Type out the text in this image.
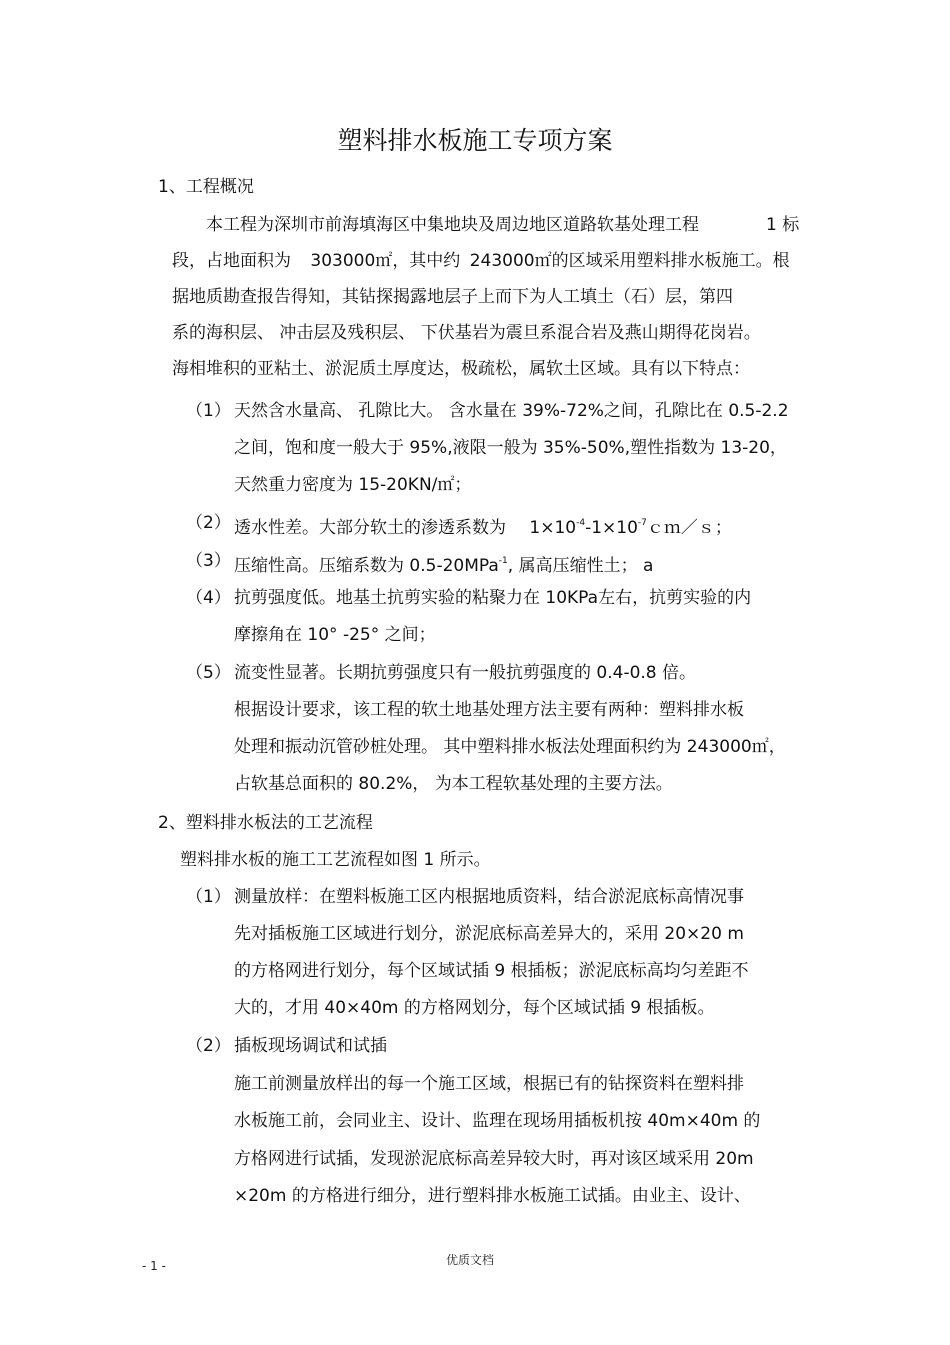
塑料排水板施工专项方案
1、工程概况
本工程为深圳市前海填海区中集地块及周边地区道路软基处理工程	1 标
段，占地面积为 303000㎡，其中约 243000㎡的区域采用塑料排水板施工。根
据地质勘查报告得知，其钻探揭露地层子上而下为人工填土（石）层，第四
系的海积层、 冲击层及残积层、 下伏基岩为震旦系混合岩及燕山期得花岗岩。
海相堆积的亚粘土、淤泥质土厚度达，极疏松，属软土区域。具有以下特点：
（1） 天然含水量高、 孔隙比大。 含水量在 39%-72%之间，孔隙比在 0.5-2.2
之间，饱和度一般大于 95%,液限一般为 35%-50%,塑性指数为 13-20，
天然重力密度为 15-20KN/㎡；
（2） 透水性差。大部分软土的渗透系数为 $1\times 10^{-4}-1\times 10^{-7}cm/s$；
（3） 压缩性高。压缩系数为 0.5-20MPa$^{-1}$, 属高压缩性土； a
（4） 抗剪强度低。地基土抗剪实验的粘聚力在 10KPa左右，抗剪实验的内
摩擦角在 10° -25° 之间；
（5） 流变性显著。长期抗剪强度只有一般抗剪强度的 0.4-0.8 倍。
根据设计要求，该工程的软土地基处理方法主要有两种：塑料排水板
处理和振动沉管砂桩处理。 其中塑料排水板法处理面积约为 243000㎡，
占软基总面积的 80.2%， 为本工程软基处理的主要方法。
2、塑料排水板法的工艺流程
塑料排水板的施工工艺流程如图 1 所示。
（1） 测量放样：在塑料板施工区内根据地质资料，结合淤泥底标高情况事
先对插板施工区域进行划分，淤泥底标高差异大的，采用 20×20 m
的方格网进行划分，每个区域试插 9 根插板；淤泥底标高均匀差距不
大的，才用 40×40m 的方格网划分，每个区域试插 9 根插板。
（2） 插板现场调试和试插
施工前测量放样出的每一个施工区域，根据已有的钻探资料在塑料排
水板施工前，会同业主、设计、监理在现场用插板机按 40m×40m 的
方格网进行试插，发现淤泥底标高差异较大时，再对该区域采用 20m
×20m 的方格进行细分，进行塑料排水板施工试插。由业主、设计、
- 1 -	优质文档
